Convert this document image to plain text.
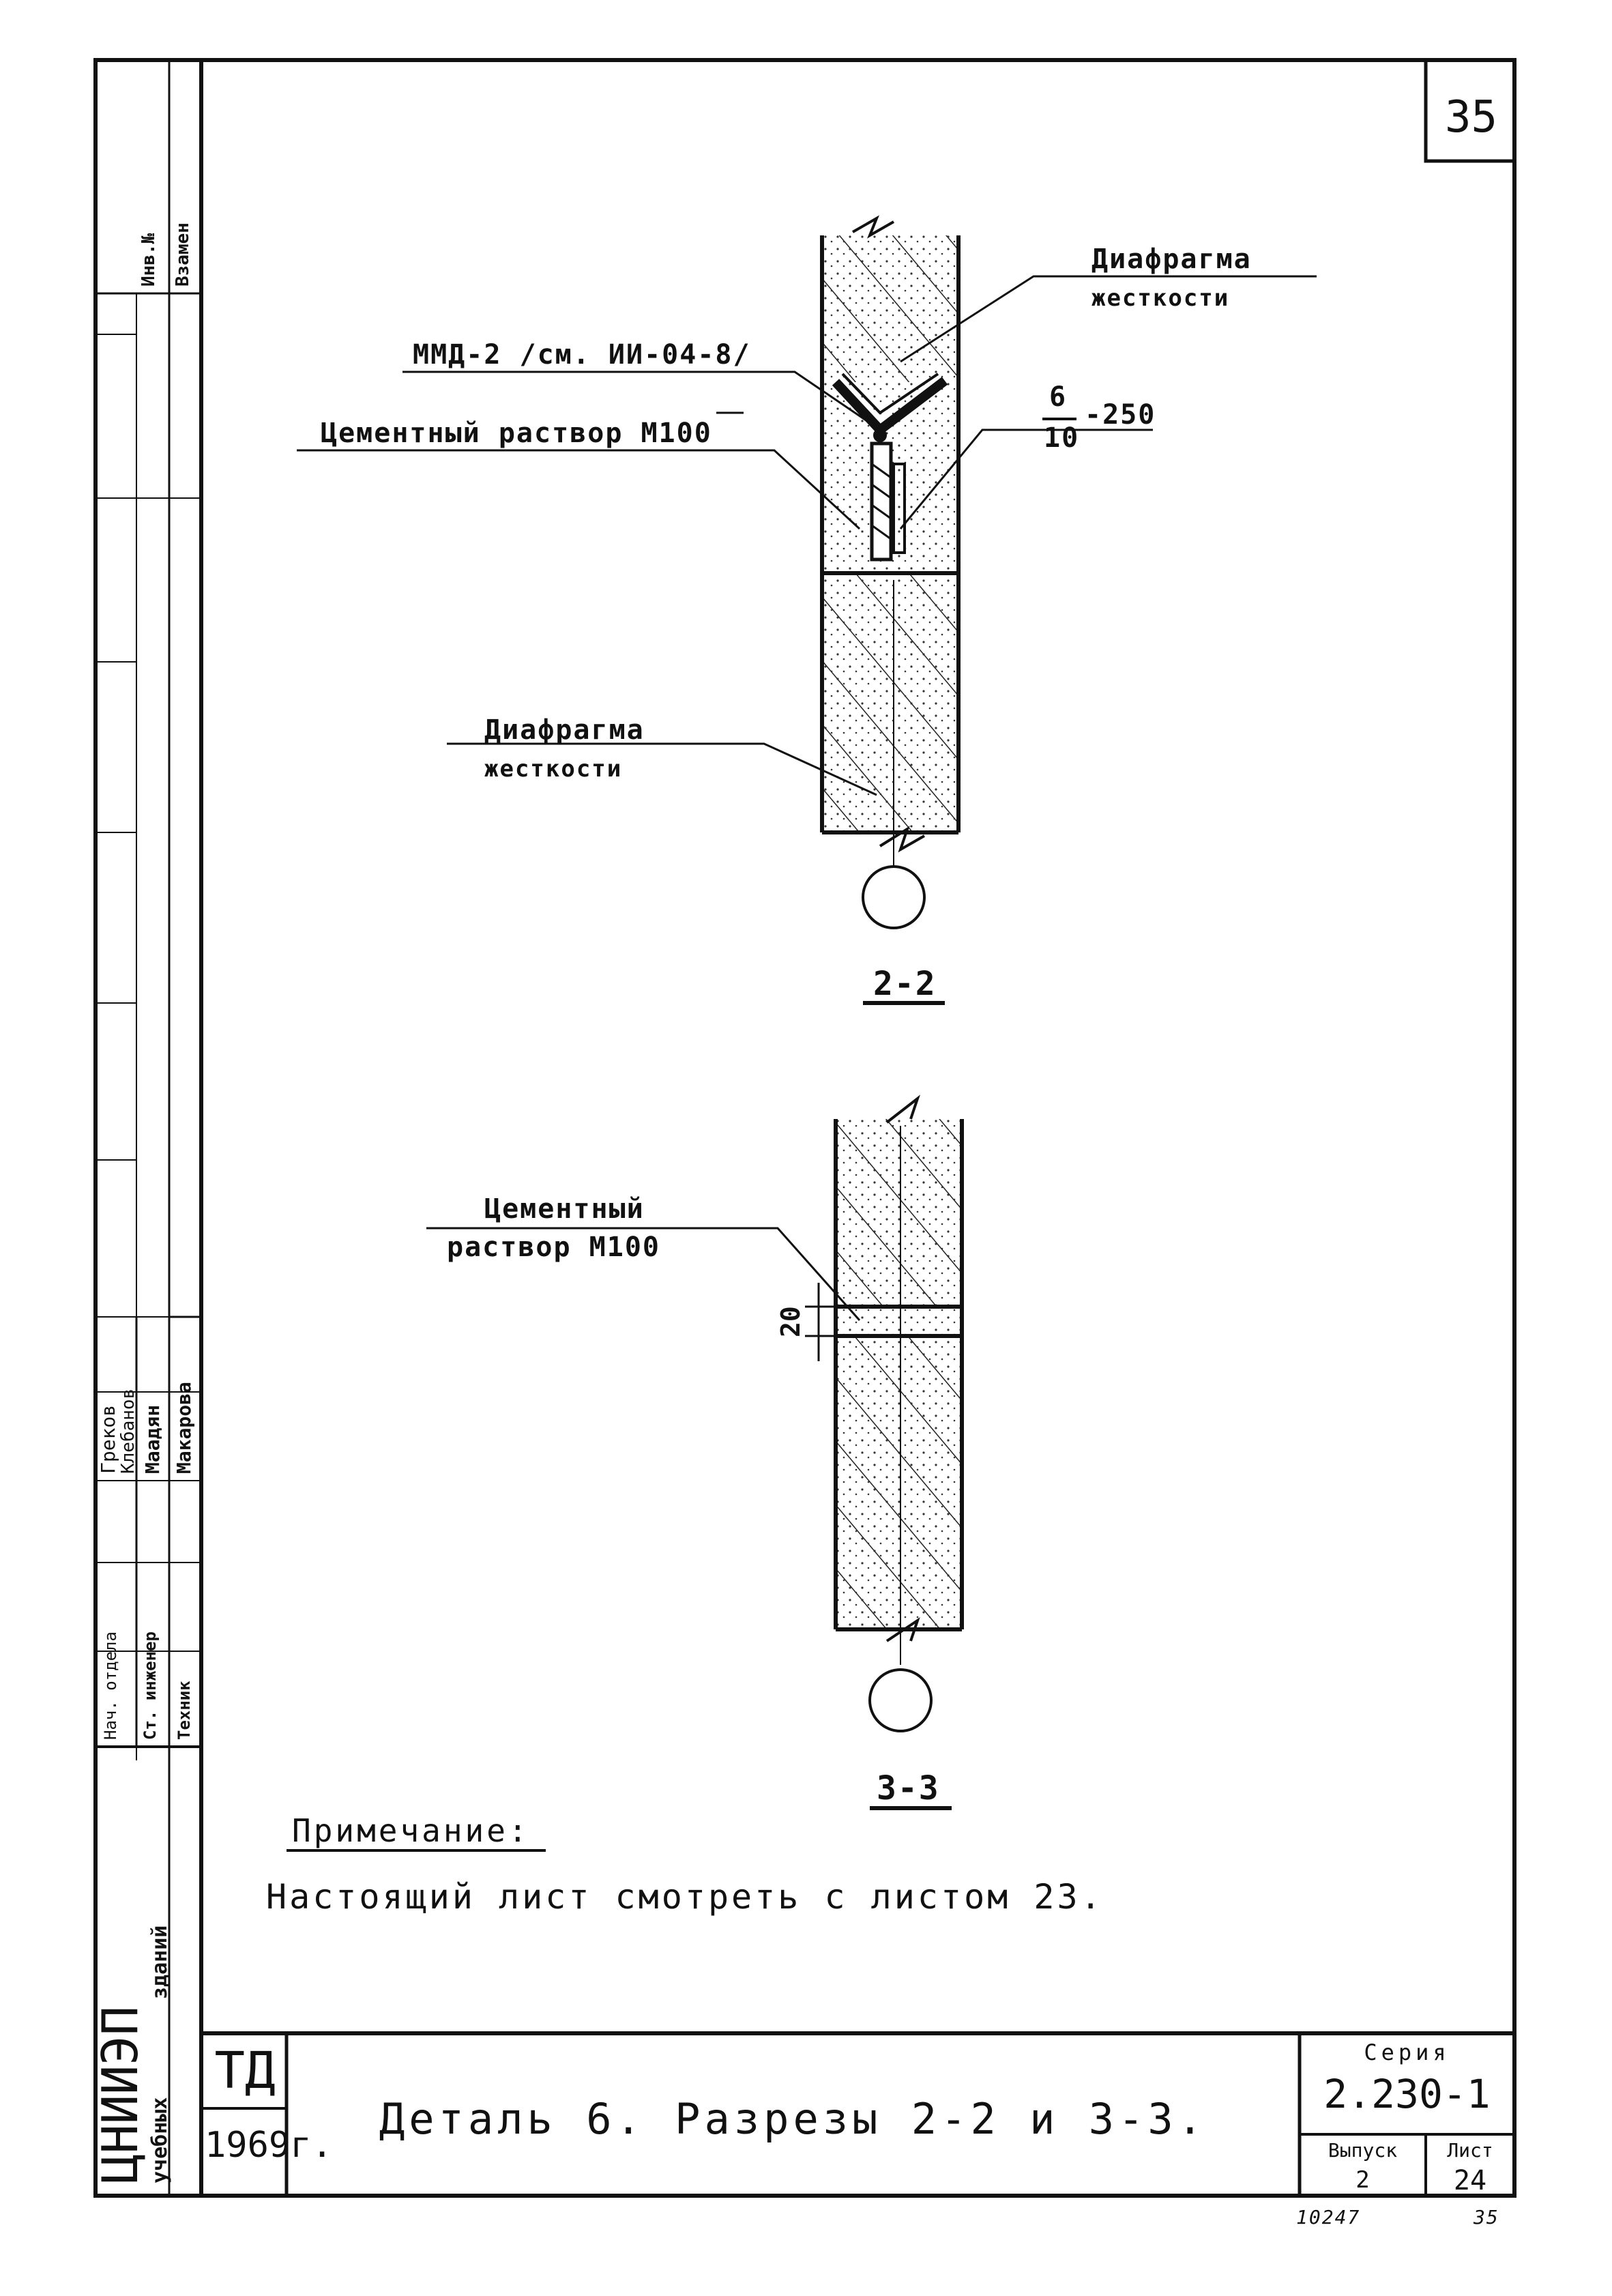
35
Диафрагма
жесткости
ММД-2 /см. ИИ-04-8/
Цементный раствор М100
6
10
-250
Диафрагма
жесткости
2-2
Цементный
раствор М100
20
3-3
Примечание:
Настоящий лист смотреть с листом 23.
Инв.№ Взамен
Нач. отдела Ст. инженер Техник
Греков
Клебанов Маадян Макарова
ЦНИИЭП учебных
зданий
ТД
1969г.
Деталь 6. Разрезы 2-2 и 3-3.
Серия
2.230-1
Выпуск
2
Лист
24
10247	35
